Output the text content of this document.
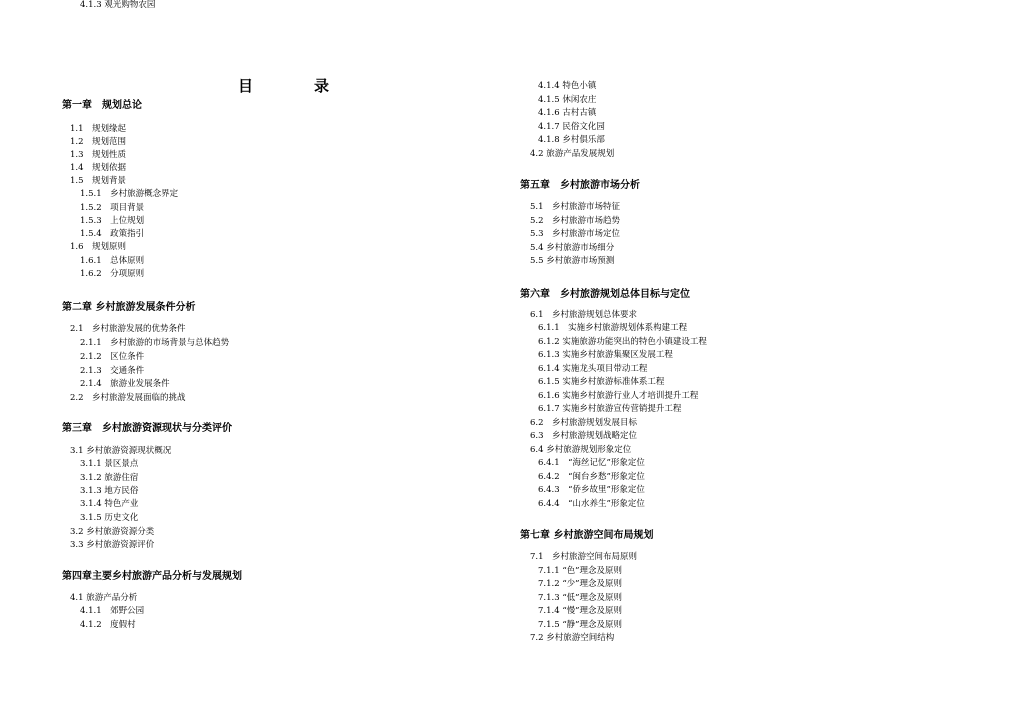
目	录
第一章　规划总论
1.1　规划缘起
1.2　规划范围
1.3　规划性质
1.4　规划依据
1.5　规划背景
1.5.1　乡村旅游概念界定
1.5.2　项目背景
1.5.3　上位规划
1.5.4　政策指引
1.6　规划原则
1.6.1　总体原则
1.6.2　分项原则
第二章 乡村旅游发展条件分析
2.1　乡村旅游发展的优势条件
2.1.1　乡村旅游的市场背景与总体趋势
2.1.2　区位条件
2.1.3　交通条件
2.1.4　旅游业发展条件
2.2　乡村旅游发展面临的挑战
第三章　乡村旅游资源现状与分类评价
3.1 乡村旅游资源现状概况
3.1.1 景区景点
3.1.2 旅游住宿
3.1.3 地方民俗
3.1.4 特色产业
3.1.5 历史文化
3.2 乡村旅游资源分类
3.3 乡村旅游资源评价
第四章主要乡村旅游产品分析与发展规划
4.1 旅游产品分析
4.1.1　郊野公园
4.1.2　度假村
4.1.3 观光购物农园
4.1.4 特色小镇
4.1.5 休闲农庄
4.1.6 古村古镇
4.1.7 民俗文化园
4.1.8 乡村俱乐部
4.2 旅游产品发展规划
第五章　乡村旅游市场分析
5.1　乡村旅游市场特征
5.2　乡村旅游市场趋势
5.3　乡村旅游市场定位
5.4 乡村旅游市场细分
5.5 乡村旅游市场预测
第六章　乡村旅游规划总体目标与定位
6.1　乡村旅游规划总体要求
6.1.1　实施乡村旅游规划体系构建工程
6.1.2 实施旅游功能突出的特色小镇建设工程
6.1.3 实施乡村旅游集聚区发展工程
6.1.4 实施龙头项目带动工程
6.1.5 实施乡村旅游标准体系工程
6.1.6 实施乡村旅游行业人才培训提升工程
6.1.7 实施乡村旅游宣传营销提升工程
6.2　乡村旅游规划发展目标
6.3　乡村旅游规划战略定位
6.4 乡村旅游规划形象定位
6.4.1　“海丝记忆”形象定位
6.4.2　“闽台乡愁”形象定位
6.4.3　“侨乡故里”形象定位
6.4.4　“山水养生”形象定位
第七章 乡村旅游空间布局规划
7.1　乡村旅游空间布局原则
7.1.1 “色”理念及原则
7.1.2 “少”理念及原则
7.1.3 “低”理念及原则
7.1.4 “慢”理念及原则
7.1.5 “静”理念及原则
7.2 乡村旅游空间结构
